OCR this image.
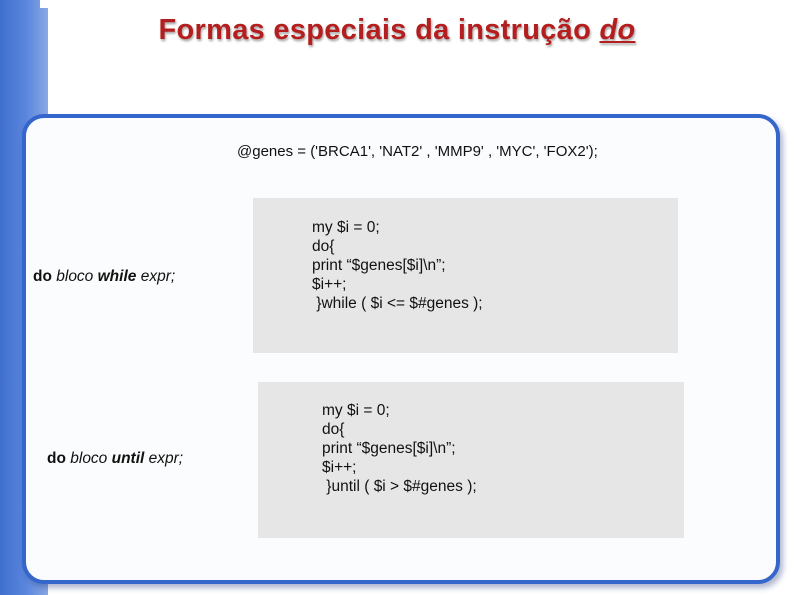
Formas especiais da instrução do
@genes = ('BRCA1', 'NAT2' , 'MMP9' , 'MYC', 'FOX2');
do bloco while expr;
my $i = 0;
do{
print “$genes[$i]\n”;
$i++;
}while ( $i <= $#genes );
do bloco until expr;
my $i = 0;
do{
print “$genes[$i]\n”;
$i++;
}until ( $i > $#genes );
